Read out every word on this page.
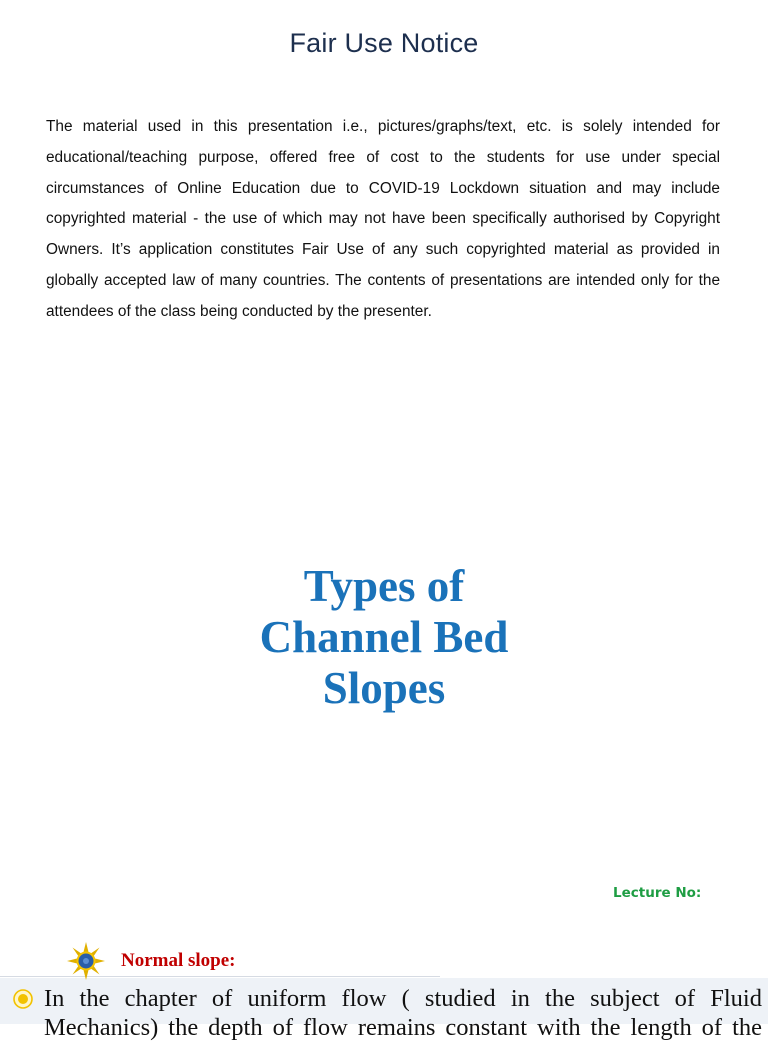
Fair Use Notice
The material used in this presentation i.e., pictures/graphs/text, etc. is solely intended for educational/teaching purpose, offered free of cost to the students for use under special circumstances of Online Education due to COVID-19 Lockdown situation and may include copyrighted material - the use of which may not have been specifically authorised by Copyright Owners. It’s application constitutes Fair Use of any such copyrighted material as provided in globally accepted law of many countries. The contents of presentations are intended only for the attendees of the class being conducted by the presenter.
Types of
Channel Bed
Slopes
Lecture No:
Normal slope:
In the chapter of uniform flow ( studied in the subject of Fluid
Mechanics) the depth of flow remains constant with the length of the
